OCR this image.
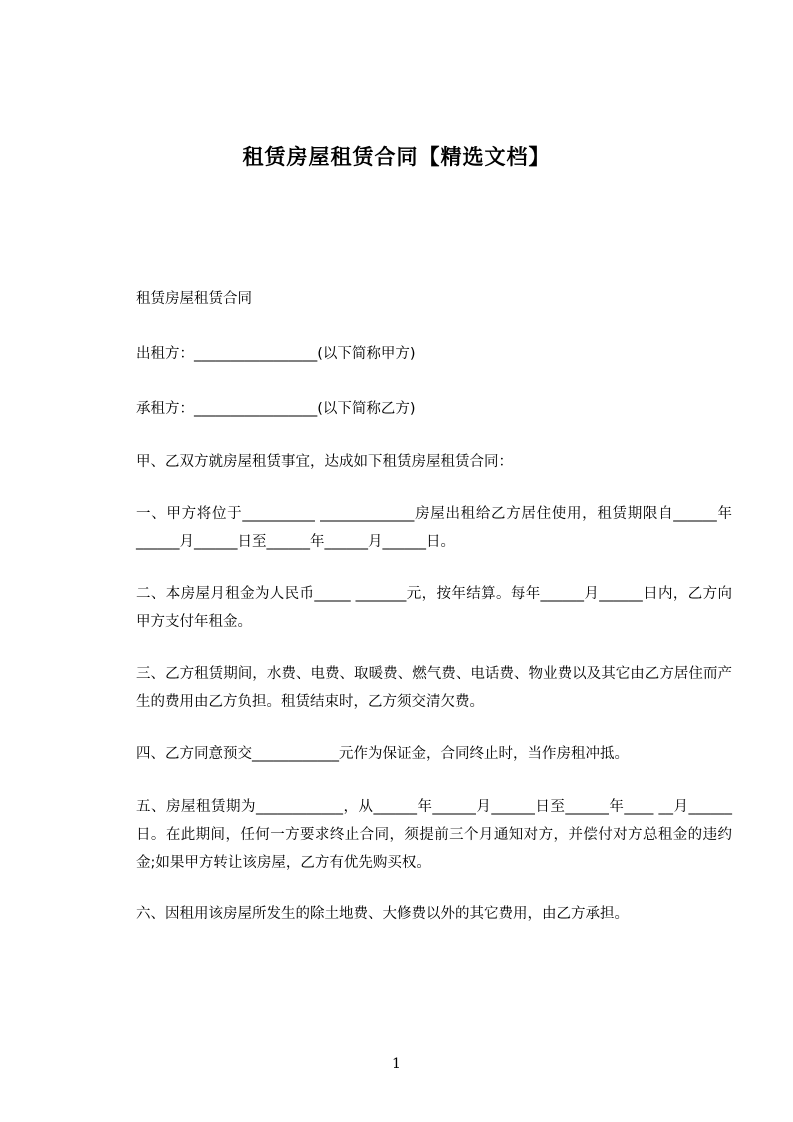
租赁房屋租赁合同【精选文档】

租赁房屋租赁合同

出租方：_________________(以下简称甲方)

承租方：_________________(以下简称乙方)

甲、乙双方就房屋租赁事宜，达成如下租赁房屋租赁合同：

一、甲方将位于__________ _____________房屋出租给乙方居住使用，租赁期限自______年______月______日至______年______月______日。

二、本房屋月租金为人民币_____ _______元，按年结算。每年______月______日内，乙方向甲方支付年租金。

三、乙方租赁期间，水费、电费、取暖费、燃气费、电话费、物业费以及其它由乙方居住而产生的费用由乙方负担。租赁结束时，乙方须交清欠费。

四、乙方同意预交____________元作为保证金，合同终止时，当作房租冲抵。

五、房屋租赁期为____________，从______年______月______日至______年____ __月______日。在此期间，任何一方要求终止合同，须提前三个月通知对方，并偿付对方总租金的违约金;如果甲方转让该房屋，乙方有优先购买权。

六、因租用该房屋所发生的除土地费、大修费以外的其它费用，由乙方承担。

1
